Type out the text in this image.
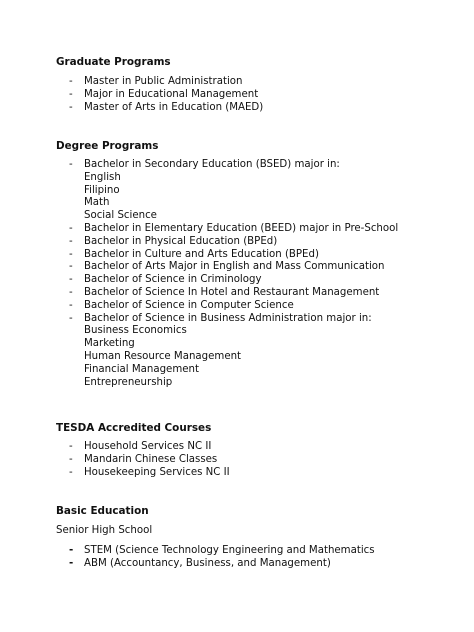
Graduate Programs

- Master in Public Administration
- Major in Educational Management
- Master of Arts in Education (MAED)

Degree Programs

- Bachelor in Secondary Education (BSED) major in:
English
Filipino
Math
Social Science
- Bachelor in Elementary Education (BEED) major in Pre-School
- Bachelor in Physical Education (BPEd)
- Bachelor in Culture and Arts Education (BPEd)
- Bachelor of Arts Major in English and Mass Communication
- Bachelor of Science in Criminology
- Bachelor of Science In Hotel and Restaurant Management
- Bachelor of Science in Computer Science
- Bachelor of Science in Business Administration major in:
Business Economics
Marketing
Human Resource Management
Financial Management
Entrepreneurship

TESDA Accredited Courses

- Household Services NC II
- Mandarin Chinese Classes
- Housekeeping Services NC II

Basic Education

Senior High School
- STEM (Science Technology Engineering and Mathematics
- ABM (Accountancy, Business, and Management)
